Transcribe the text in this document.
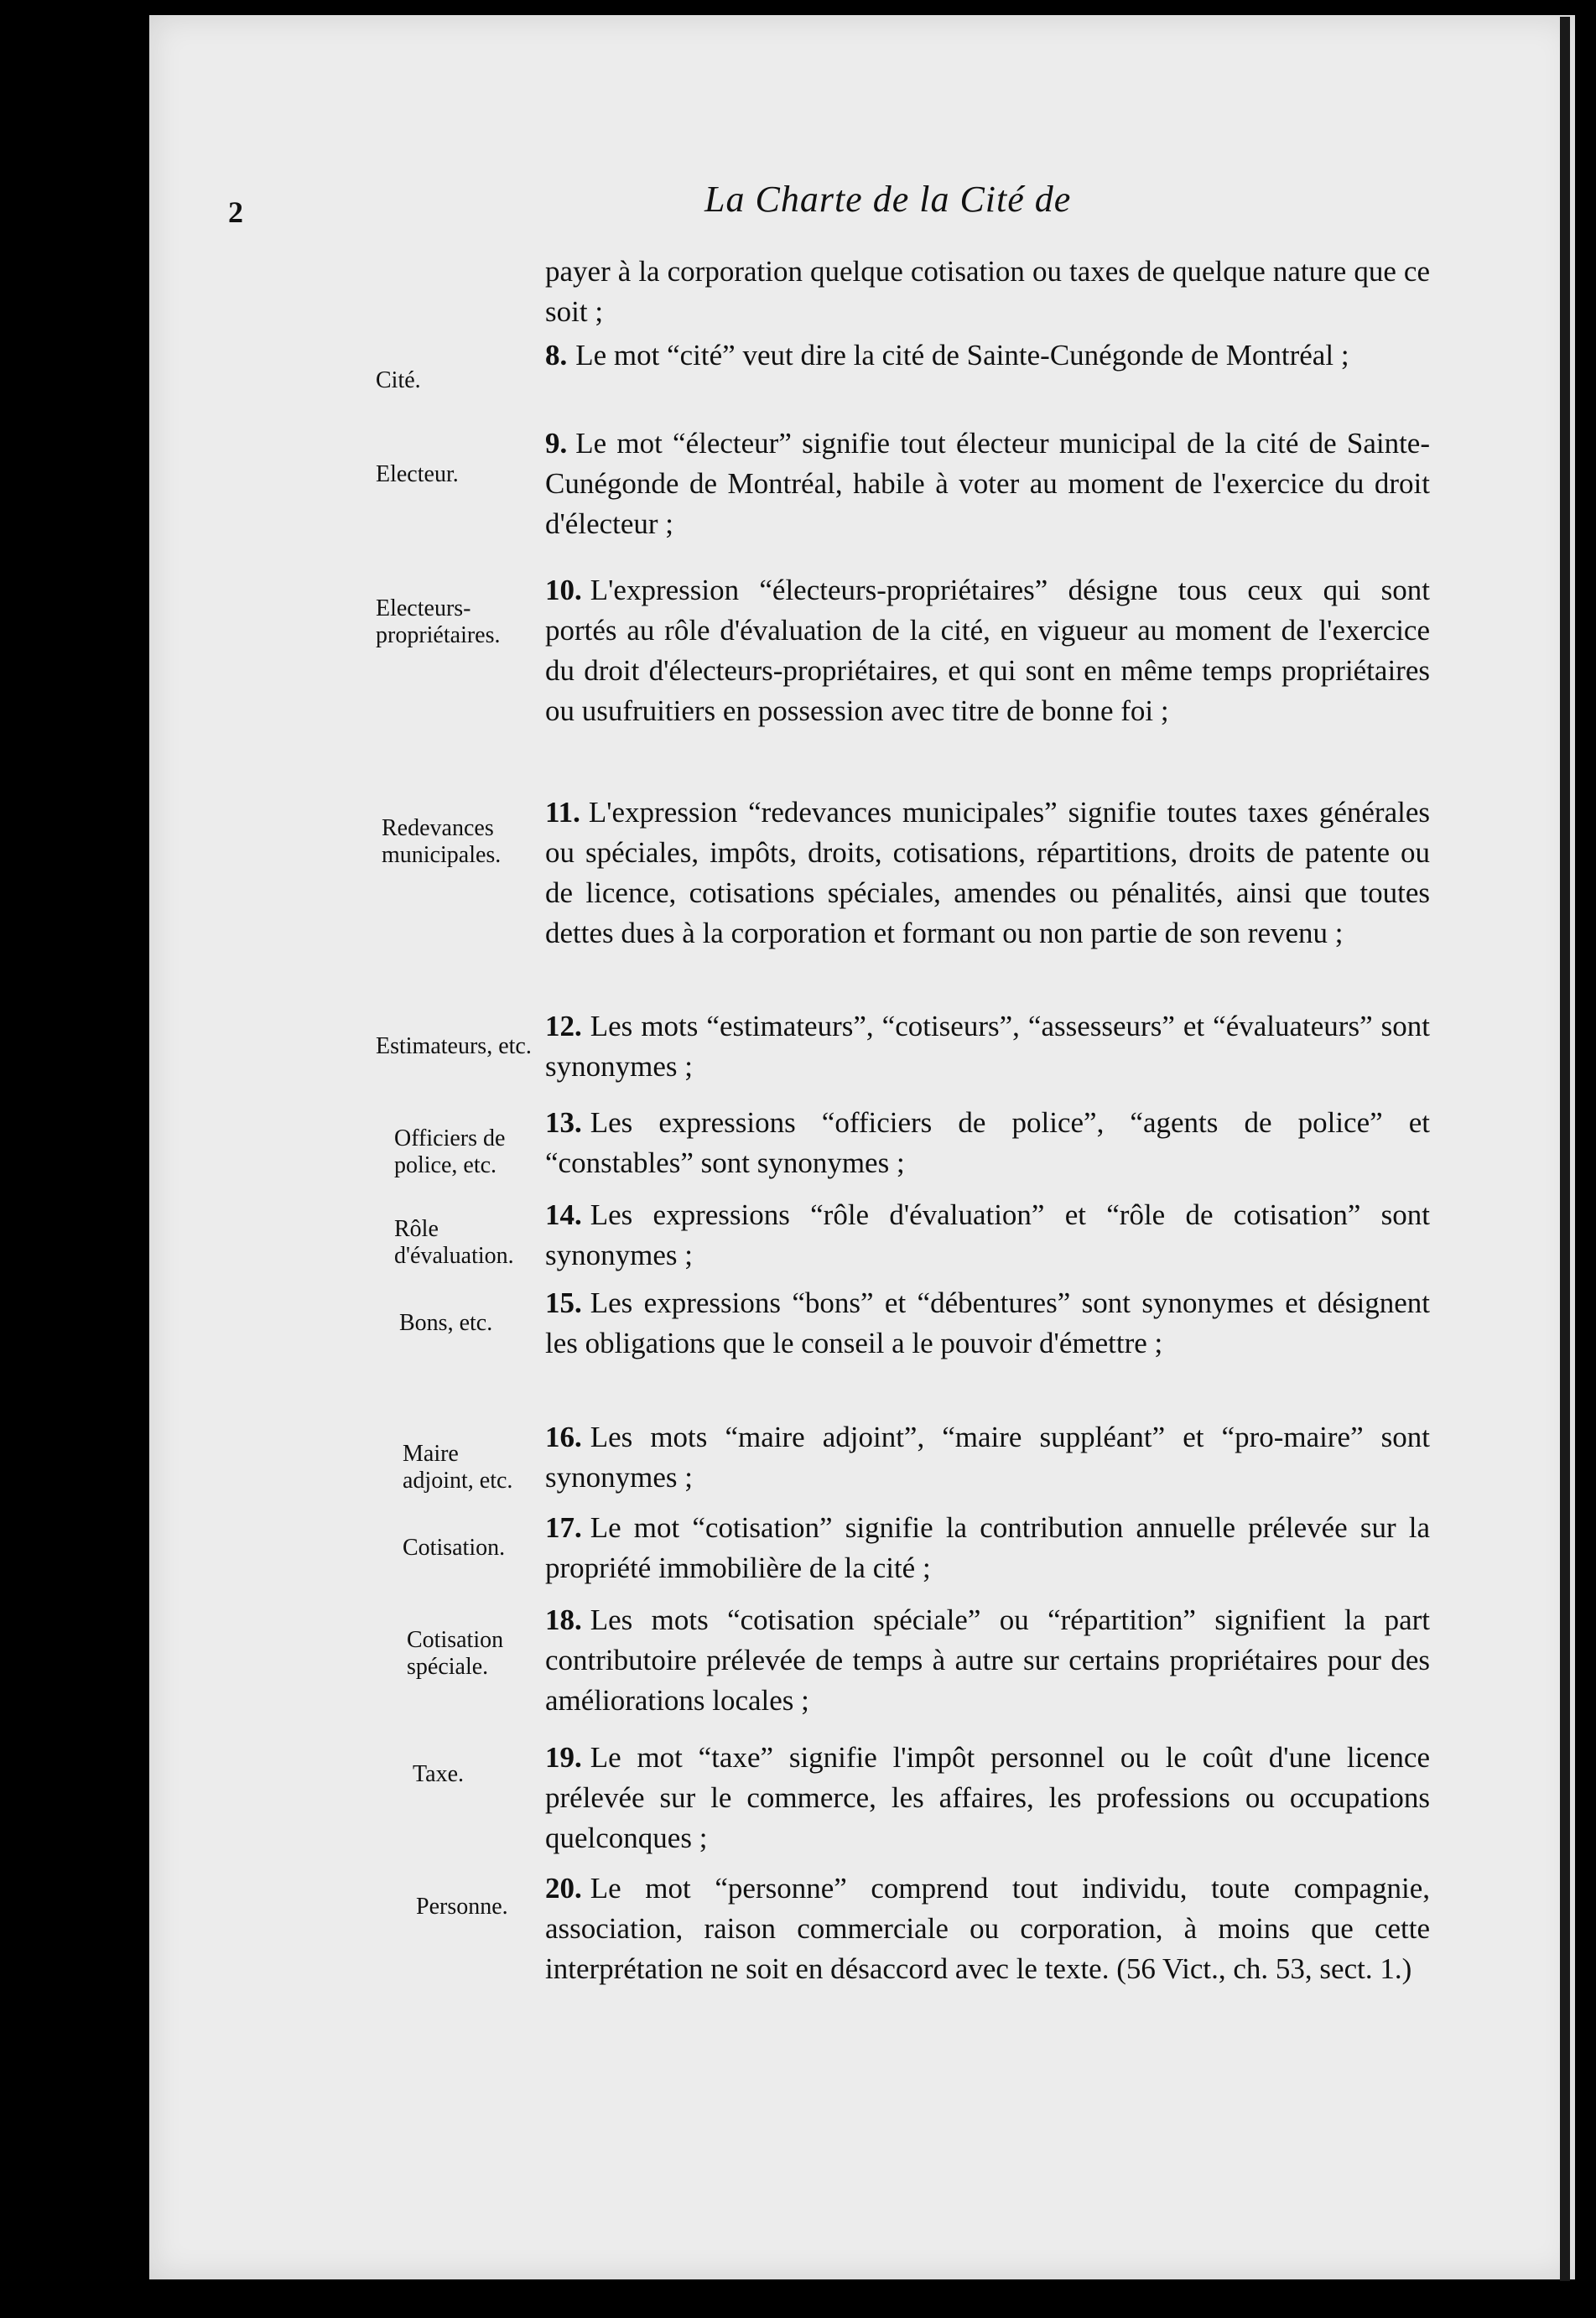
2	La Charte de la Cité de
payer à la corporation quelque cotisation ou taxes de quelque nature que ce soit ;
Cité.
8. Le mot “cité” veut dire la cité de Sainte-Cunégonde de Montréal ;
Electeur.
9. Le mot “électeur” signifie tout électeur municipal de la cité de Sainte-Cunégonde de Montréal, habile à voter au moment de l'exercice du droit d'électeur ;
Electeurs-propriétaires.
10. L'expression “électeurs-propriétaires” désigne tous ceux qui sont portés au rôle d'évaluation de la cité, en vigueur au moment de l'exercice du droit d'électeurs-propriétaires, et qui sont en même temps propriétaires ou usufruitiers en possession avec titre de bonne foi ;
Redevances municipales.
11. L'expression “redevances municipales” signifie toutes taxes générales ou spéciales, impôts, droits, cotisations, répartitions, droits de patente ou de licence, cotisations spéciales, amendes ou pénalités, ainsi que toutes dettes dues à la corporation et formant ou non partie de son revenu ;
Estimateurs, etc.
12. Les mots “estimateurs”, “cotiseurs”, “assesseurs” et “évaluateurs” sont synonymes ;
Officiers de police, etc.
13. Les expressions “officiers de police”, “agents de police” et “constables” sont synonymes ;
Rôle d'évaluation.
14. Les expressions “rôle d'évaluation” et “rôle de cotisation” sont synonymes ;
Bons, etc.
15. Les expressions “bons” et “débentures” sont synonymes et désignent les obligations que le conseil a le pouvoir d'émettre ;
Maire adjoint, etc.
16. Les mots “maire adjoint”, “maire suppléant” et “pro-maire” sont synonymes ;
Cotisation.
17. Le mot “cotisation” signifie la contribution annuelle prélevée sur la propriété immobilière de la cité ;
Cotisation spéciale.
18. Les mots “cotisation spéciale” ou “répartition” signifient la part contributoire prélevée de temps à autre sur certains propriétaires pour des améliorations locales ;
Taxe.
19. Le mot “taxe” signifie l'impôt personnel ou le coût d'une licence prélevée sur le commerce, les affaires, les professions ou occupations quelconques ;
Personne.
20. Le mot “personne” comprend tout individu, toute compagnie, association, raison commerciale ou corporation, à moins que cette interprétation ne soit en désaccord avec le texte. (56 Vict., ch. 53, sect. 1.)
